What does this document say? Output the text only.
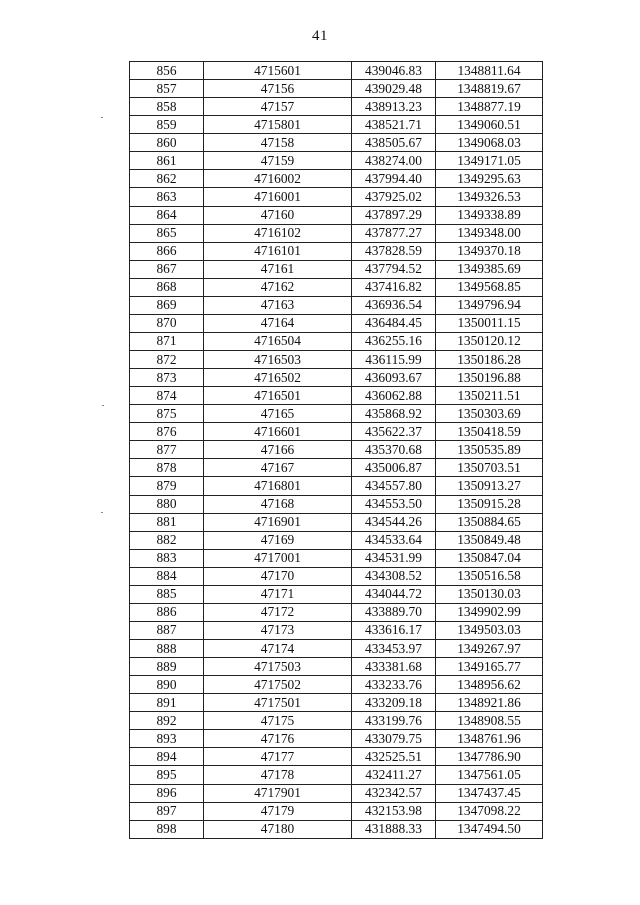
41
856	4715601	439046.83	1348811.64
857	47156	439029.48	1348819.67
858	47157	438913.23	1348877.19
859	4715801	438521.71	1349060.51
860	47158	438505.67	1349068.03
861	47159	438274.00	1349171.05
862	4716002	437994.40	1349295.63
863	4716001	437925.02	1349326.53
864	47160	437897.29	1349338.89
865	4716102	437877.27	1349348.00
866	4716101	437828.59	1349370.18
867	47161	437794.52	1349385.69
868	47162	437416.82	1349568.85
869	47163	436936.54	1349796.94
870	47164	436484.45	1350011.15
871	4716504	436255.16	1350120.12
872	4716503	436115.99	1350186.28
873	4716502	436093.67	1350196.88
874	4716501	436062.88	1350211.51
875	47165	435868.92	1350303.69
876	4716601	435622.37	1350418.59
877	47166	435370.68	1350535.89
878	47167	435006.87	1350703.51
879	4716801	434557.80	1350913.27
880	47168	434553.50	1350915.28
881	4716901	434544.26	1350884.65
882	47169	434533.64	1350849.48
883	4717001	434531.99	1350847.04
884	47170	434308.52	1350516.58
885	47171	434044.72	1350130.03
886	47172	433889.70	1349902.99
887	47173	433616.17	1349503.03
888	47174	433453.97	1349267.97
889	4717503	433381.68	1349165.77
890	4717502	433233.76	1348956.62
891	4717501	433209.18	1348921.86
892	47175	433199.76	1348908.55
893	47176	433079.75	1348761.96
894	47177	432525.51	1347786.90
895	47178	432411.27	1347561.05
896	4717901	432342.57	1347437.45
897	47179	432153.98	1347098.22
898	47180	431888.33	1347494.50
